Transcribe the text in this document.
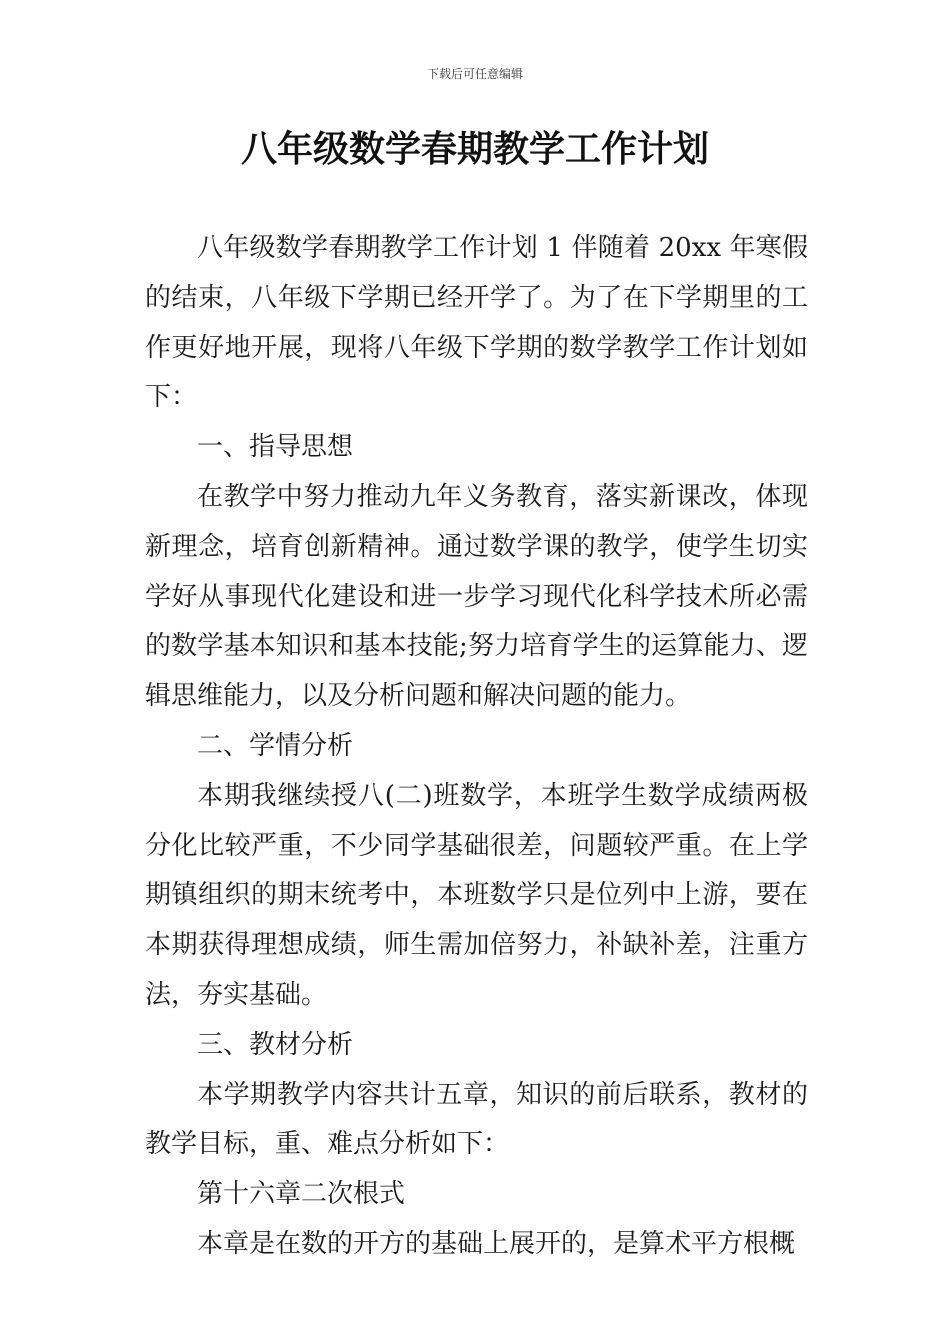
下载后可任意编辑
八年级数学春期教学工作计划

八年级数学春期教学工作计划 1 伴随着 20xx 年寒假的结束，八年级下学期已经开学了。为了在下学期里的工作更好地开展，现将八年级下学期的数学教学工作计划如下：

一、指导思想

在教学中努力推动九年义务教育，落实新课改，体现新理念，培育创新精神。通过数学课的教学，使学生切实学好从事现代化建设和进一步学习现代化科学技术所必需的数学基本知识和基本技能;努力培育学生的运算能力、逻辑思维能力，以及分析问题和解决问题的能力。

二、学情分析

本期我继续授八(二)班数学，本班学生数学成绩两极分化比较严重，不少同学基础很差，问题较严重。在上学期镇组织的期末统考中，本班数学只是位列中上游，要在本期获得理想成绩，师生需加倍努力，补缺补差，注重方法，夯实基础。

三、教材分析

本学期教学内容共计五章，知识的前后联系，教材的教学目标，重、难点分析如下：

第十六章二次根式

本章是在数的开方的基础上展开的，是算术平方根概
